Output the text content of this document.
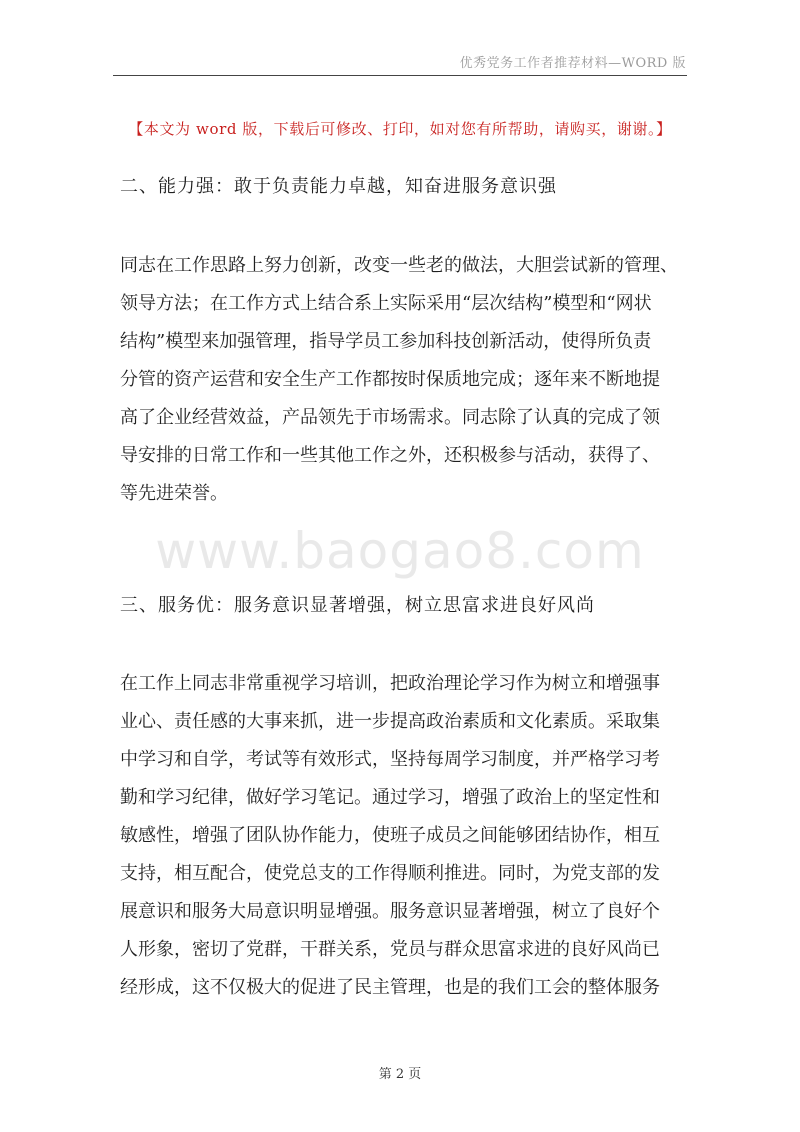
优秀党务工作者推荐材料—WORD 版
【本文为 word 版，下载后可修改、打印，如对您有所帮助，请购买，谢谢。】
二、能力强：敢于负责能力卓越，知奋进服务意识强
同志在工作思路上努力创新，改变一些老的做法，大胆尝试新的管理、
领导方法；在工作方式上结合系上实际采用“层次结构”模型和“网状
结构”模型来加强管理，指导学员工参加科技创新活动，使得所负责
分管的资产运营和安全生产工作都按时保质地完成；逐年来不断地提
高了企业经营效益，产品领先于市场需求。同志除了认真的完成了领
导安排的日常工作和一些其他工作之外，还积极参与活动，获得了、
等先进荣誉。
www.baogao8.com
三、服务优：服务意识显著增强，树立思富求进良好风尚
在工作上同志非常重视学习培训，把政治理论学习作为树立和增强事
业心、责任感的大事来抓，进一步提高政治素质和文化素质。采取集
中学习和自学，考试等有效形式，坚持每周学习制度，并严格学习考
勤和学习纪律，做好学习笔记。通过学习，增强了政治上的坚定性和
敏感性，增强了团队协作能力，使班子成员之间能够团结协作，相互
支持，相互配合，使党总支的工作得顺利推进。同时，为党支部的发
展意识和服务大局意识明显增强。服务意识显著增强，树立了良好个
人形象，密切了党群，干群关系，党员与群众思富求进的良好风尚已
经形成，这不仅极大的促进了民主管理，也是的我们工会的整体服务
第 2 页
